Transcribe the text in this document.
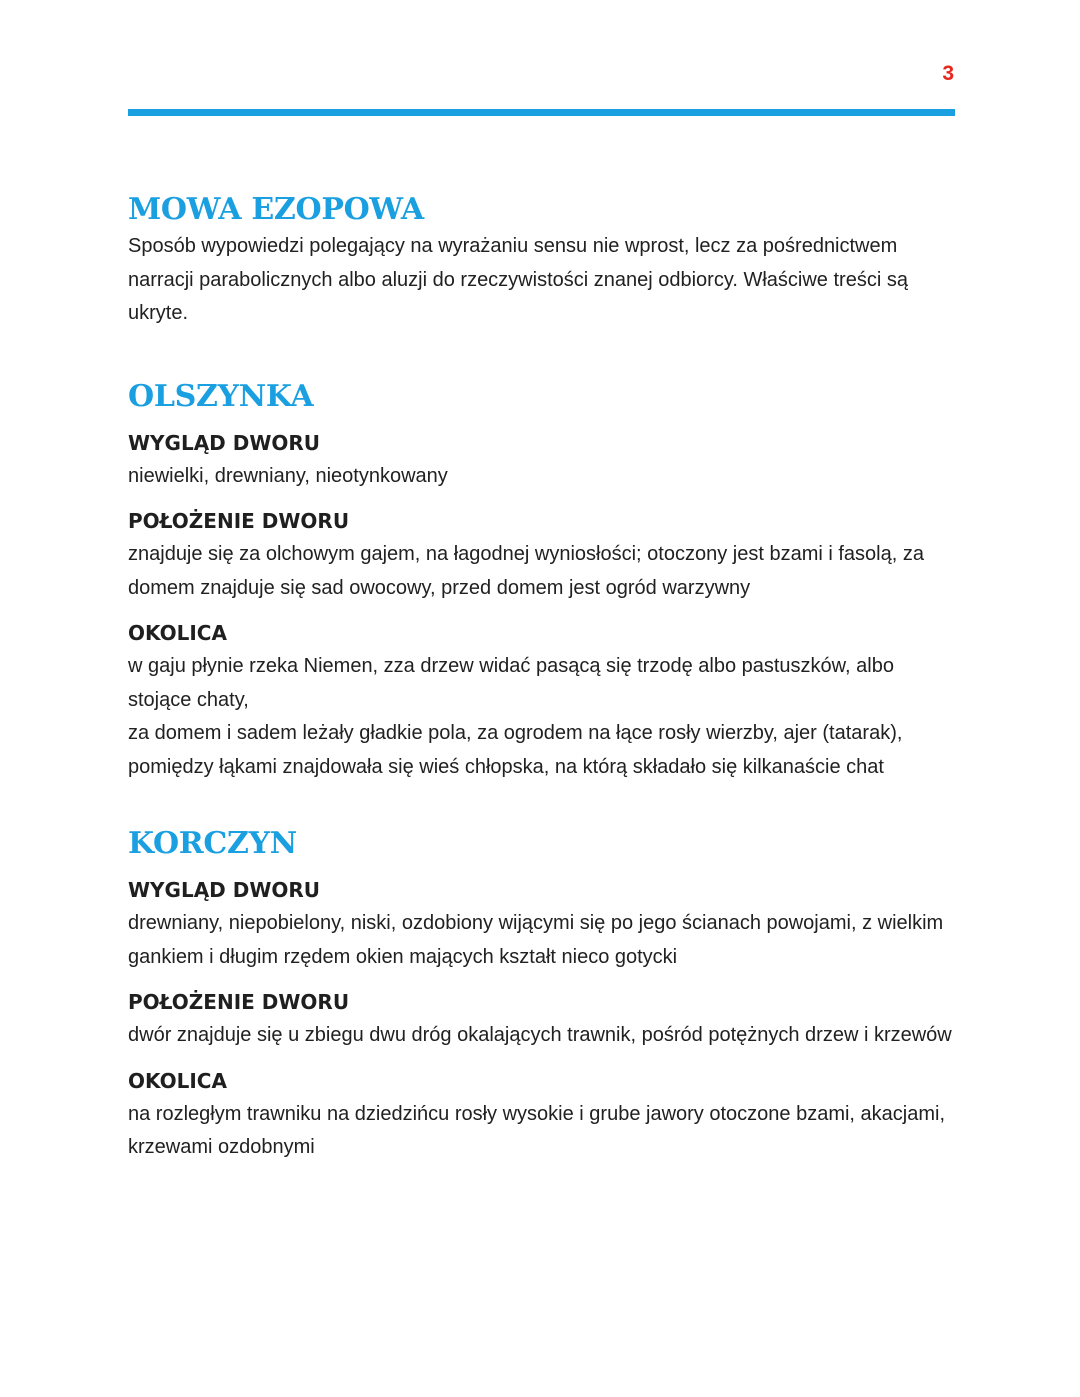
3
MOWA EZOPOWA

Sposób wypowiedzi polegający na wyrażaniu sensu nie wprost, lecz za pośrednictwem narracji parabolicznych albo aluzji do rzeczywistości znanej odbiorcy. Właściwe treści są ukryte.

OLSZYNKA

WYGLĄD DWORU

niewielki, drewniany, nieotynkowany

POŁOŻENIE DWORU

znajduje się za olchowym gajem, na łagodnej wyniosłości; otoczony jest bzami i fasolą, za domem znajduje się sad owocowy, przed domem jest ogród warzywny

OKOLICA

w gaju płynie rzeka Niemen, zza drzew widać pasącą się trzodę albo pastuszków, albo stojące chaty,

za domem i sadem leżały gładkie pola, za ogrodem na łące rosły wierzby, ajer (tatarak), pomiędzy łąkami znajdowała się wieś chłopska, na którą składało się kilkanaście chat

KORCZYN

WYGLĄD DWORU

drewniany, niepobielony, niski, ozdobiony wijącymi się po jego ścianach powojami, z wielkim gankiem i długim rzędem okien mających kształt nieco gotycki

POŁOŻENIE DWORU

dwór znajduje się u zbiegu dwu dróg okalających trawnik, pośród potężnych drzew i krzewów

OKOLICA

na rozległym trawniku na dziedzińcu rosły wysokie i grube jawory otoczone bzami, akacjami, krzewami ozdobnymi
